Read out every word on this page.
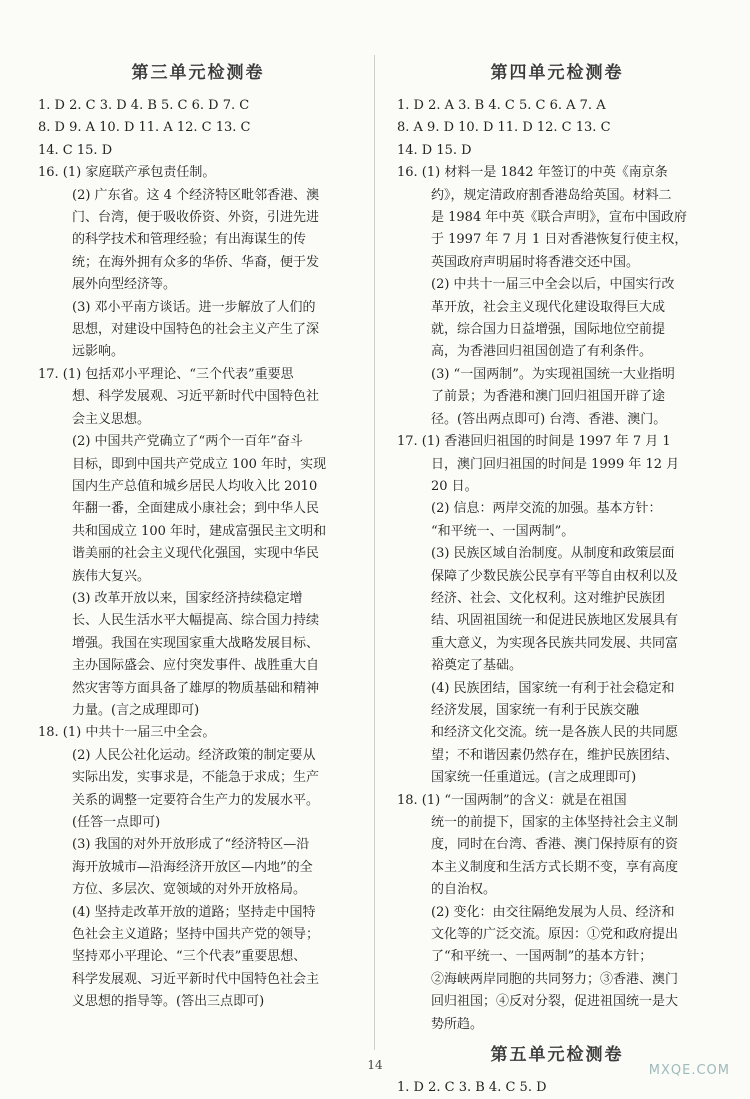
第三单元检测卷
1. D 2. C 3. D 4. B 5. C 6. D 7. C
8. D 9. A 10. D 11. A 12. C 13. C
14. C 15. D
16. (1) 家庭联产承包责任制。
(2) 广东省。这 4 个经济特区毗邻香港、澳
门、台湾，便于吸收侨资、外资，引进先进
的科学技术和管理经验；有出海谋生的传
统；在海外拥有众多的华侨、华裔，便于发
展外向型经济等。
(3) 邓小平南方谈话。进一步解放了人们的
思想，对建设中国特色的社会主义产生了深
远影响。
17. (1) 包括邓小平理论、“三个代表”重要思
想、科学发展观、习近平新时代中国特色社
会主义思想。
(2) 中国共产党确立了“两个一百年”奋斗
目标，即到中国共产党成立 100 年时，实现
国内生产总值和城乡居民人均收入比 2010
年翻一番，全面建成小康社会；到中华人民
共和国成立 100 年时，建成富强民主文明和
谐美丽的社会主义现代化强国，实现中华民
族伟大复兴。
(3) 改革开放以来，国家经济持续稳定增
长、人民生活水平大幅提高、综合国力持续
增强。我国在实现国家重大战略发展目标、
主办国际盛会、应付突发事件、战胜重大自
然灾害等方面具备了雄厚的物质基础和精神
力量。(言之成理即可)
18. (1) 中共十一届三中全会。
(2) 人民公社化运动。经济政策的制定要从
实际出发，实事求是，不能急于求成；生产
关系的调整一定要符合生产力的发展水平。
(任答一点即可)
(3) 我国的对外开放形成了“经济特区—沿
海开放城市—沿海经济开放区—内地”的全
方位、多层次、宽领域的对外开放格局。
(4) 坚持走改革开放的道路；坚持走中国特
色社会主义道路；坚持中国共产党的领导；
坚持邓小平理论、“三个代表”重要思想、
科学发展观、习近平新时代中国特色社会主
义思想的指导等。(答出三点即可)
第四单元检测卷
1. D 2. A 3. B 4. C 5. C 6. A 7. A
8. A 9. D 10. D 11. D 12. C 13. C
14. D 15. D
16. (1) 材料一是 1842 年签订的中英《南京条
约》，规定清政府割香港岛给英国。材料二
是 1984 年中英《联合声明》，宣布中国政府
于 1997 年 7 月 1 日对香港恢复行使主权，
英国政府声明届时将香港交还中国。
(2) 中共十一届三中全会以后，中国实行改
革开放，社会主义现代化建设取得巨大成
就，综合国力日益增强，国际地位空前提
高，为香港回归祖国创造了有利条件。
(3) “一国两制”。为实现祖国统一大业指明
了前景；为香港和澳门回归祖国开辟了途
径。(答出两点即可) 台湾、香港、澳门。
17. (1) 香港回归祖国的时间是 1997 年 7 月 1
日，澳门回归祖国的时间是 1999 年 12 月
20 日。
(2) 信息：两岸交流的加强。基本方针：
“和平统一、一国两制”。
(3) 民族区域自治制度。从制度和政策层面
保障了少数民族公民享有平等自由权利以及
经济、社会、文化权利。这对维护民族团
结、巩固祖国统一和促进民族地区发展具有
重大意义，为实现各民族共同发展、共同富
裕奠定了基础。
(4) 民族团结，国家统一有利于社会稳定和
经济发展，国家统一有利于民族交融
和经济文化交流。统一是各族人民的共同愿
望；不和谐因素仍然存在，维护民族团结、
国家统一任重道远。(言之成理即可)
18. (1) “一国两制”的含义：就是在祖国
统一的前提下，国家的主体坚持社会主义制
度，同时在台湾、香港、澳门保持原有的资
本主义制度和生活方式长期不变，享有高度
的自治权。
(2) 变化：由交往隔绝发展为人员、经济和
文化等的广泛交流。原因：①党和政府提出
了“和平统一、一国两制”的基本方针；
②海峡两岸同胞的共同努力；③香港、澳门
回归祖国；④反对分裂，促进祖国统一是大
势所趋。
第五单元检测卷
1. D 2. C 3. B 4. C 5. D
14	MXQE.COM
